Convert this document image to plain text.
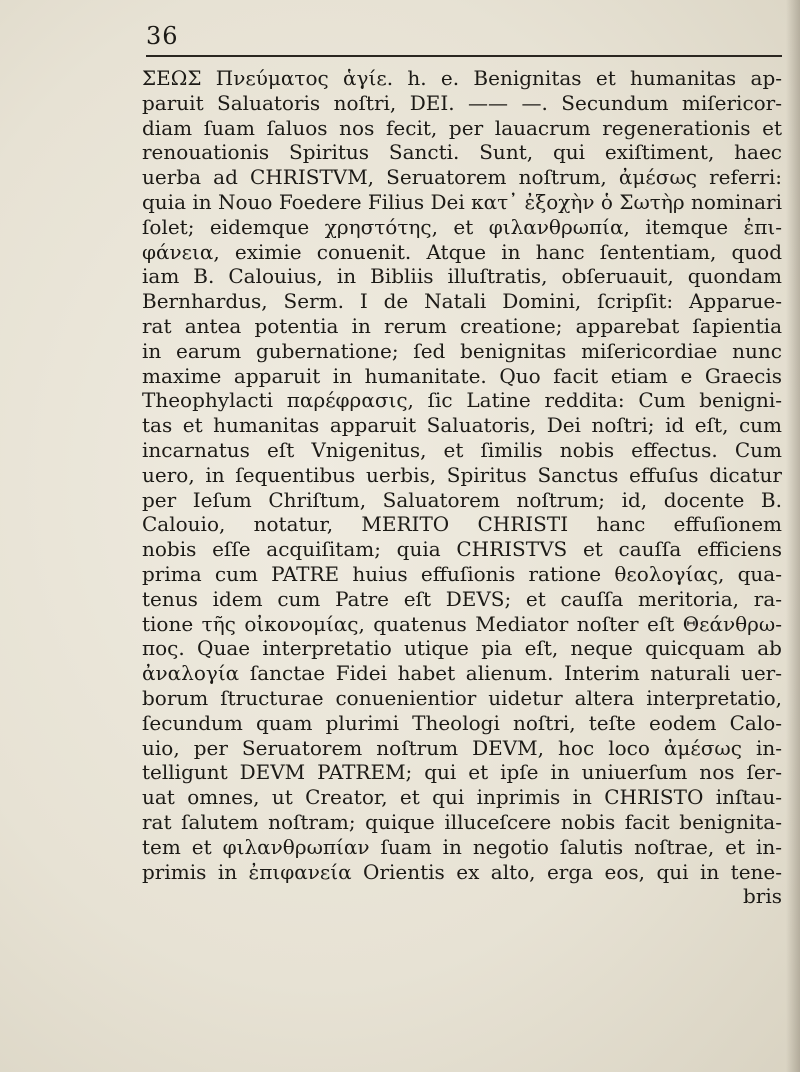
36
ΣΕΩΣ Πνεύματος ἁγίε. h. e. Benignitas et humanitas ap-
paruit Saluatoris noſtri, DEI. —— —. Secundum miſericor-
diam ſuam ſaluos nos fecit, per lauacrum regenerationis et
renouationis Spiritus Sancti. Sunt, qui exiſtiment, haec
uerba ad CHRISTVM, Seruatorem noſtrum, ἀμέσως referri:
quia in Nouo Foedere Filius Dei κατ᾽ ἐξοχὴν ὁ Σωτὴρ nominari
ſolet; eidemque χρηστότης, et φιλανθρωπία, itemque ἐπι-
φάνεια, eximie conuenit. Atque in hanc ſententiam, quod
iam B. Calouius, in Bibliis illuſtratis, obſeruauit, quondam
Bernhardus, Serm. I de Natali Domini, ſcripſit: Apparue-
rat antea potentia in rerum creatione; apparebat ſapientia
in earum gubernatione; ſed benignitas miſericordiae nunc
maxime apparuit in humanitate. Quo facit etiam e Graecis
Theophylacti παρέφρασις, ſic Latine reddita: Cum benigni-
tas et humanitas apparuit Saluatoris, Dei noſtri; id eſt, cum
incarnatus eſt Vnigenitus, et ſimilis nobis effectus. Cum
uero, in ſequentibus uerbis, Spiritus Sanctus effuſus dicatur
per Ieſum Chriſtum, Saluatorem noſtrum; id, docente B.
Calouio, notatur, MERITO CHRISTI hanc effuſionem
nobis eſſe acquiſitam; quia CHRISTVS et cauſſa efficiens
prima cum PATRE huius effuſionis ratione θεολογίας, qua-
tenus idem cum Patre eſt DEVS; et cauſſa meritoria, ra-
tione τῆς οἰκονομίας, quatenus Mediator noſter eſt Θεάνθρω-
πος. Quae interpretatio utique pia eſt, neque quicquam ab
ἀναλογία ſanctae Fidei habet alienum. Interim naturali uer-
borum ſtructurae conuenientior uidetur altera interpretatio,
ſecundum quam plurimi Theologi noſtri, teſte eodem Calo-
uio, per Seruatorem noſtrum DEVM, hoc loco ἀμέσως in-
telligunt DEVM PATREM; qui et ipſe in uniuerſum nos ſer-
uat omnes, ut Creator, et qui inprimis in CHRISTO inſtau-
rat ſalutem noſtram; quique illuceſcere nobis facit benignita-
tem et φιλανθρωπίαν ſuam in negotio ſalutis noſtrae, et in-
primis in ἐπιφανεία Orientis ex alto, erga eos, qui in tene-
bris
